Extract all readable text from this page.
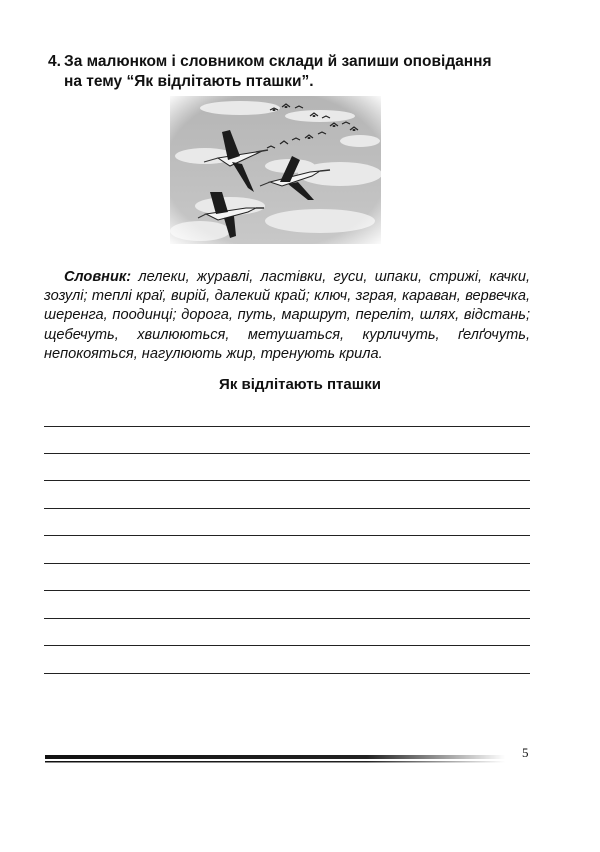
4. За малюнком і словником склади й запиши оповідання
на тему “Як відлітають пташки”.
Словник: лелеки, журавлі, ластівки, гуси, шпаки, стрижі, качки, зозулі; теплі краї, вирій, далекий край; ключ, зграя, караван, вервечка, шеренга, поодинці; дорога, путь, маршрут, переліт, шлях, відстань; щебечуть, хвилюються, метушаться, курличуть, ґелґочуть, непокояться, нагулюють жир, тренують крила.
Як відлітають пташки
5
